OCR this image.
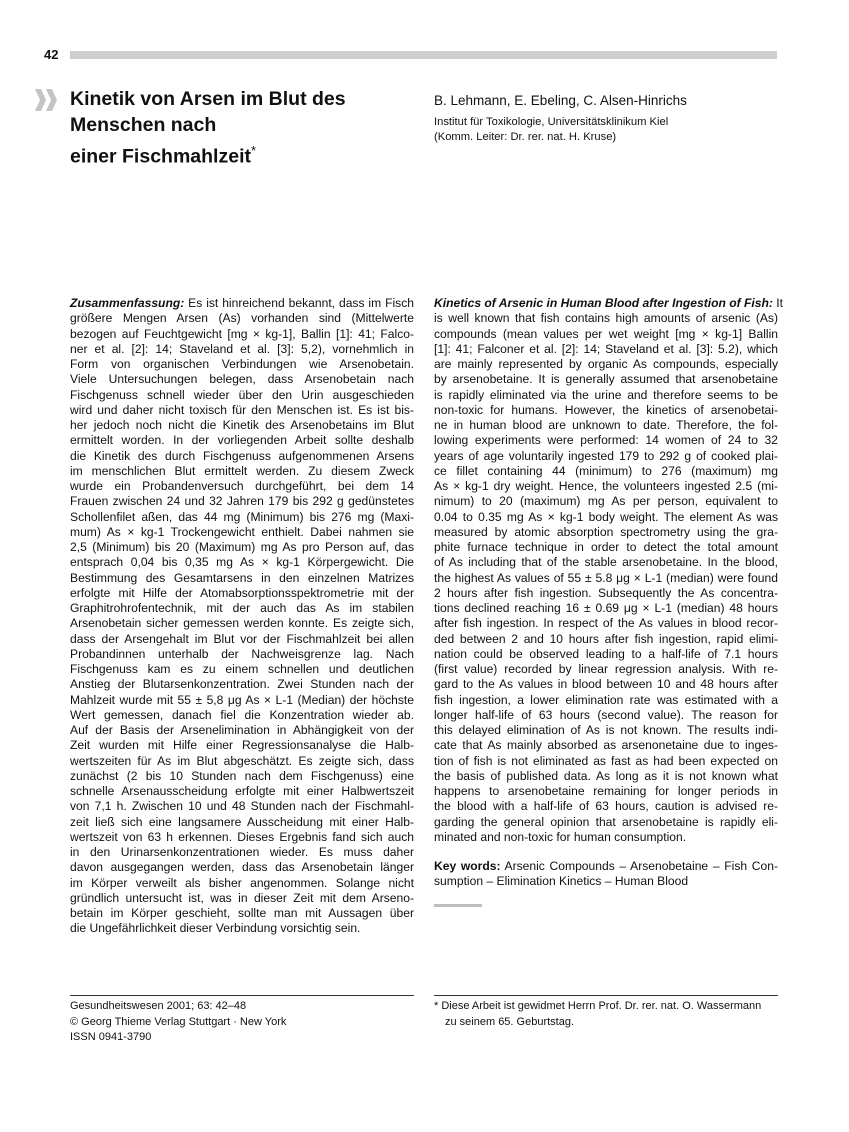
42
Kinetik von Arsen im Blut des
Menschen nach
einer Fischmahlzeit*
B. Lehmann, E. Ebeling, C. Alsen-Hinrichs
Institut für Toxikologie, Universitätsklinikum Kiel
(Komm. Leiter: Dr. rer. nat. H. Kruse)
Zusammenfassung: Es ist hinreichend bekannt, dass im Fisch
größere Mengen Arsen (As) vorhanden sind (Mittelwerte
bezogen auf Feuchtgewicht [mg × kg-1], Ballin [1]: 41; Falco-
ner et al. [2]: 14; Staveland et al. [3]: 5,2), vornehmlich in
Form von organischen Verbindungen wie Arsenobetain.
Viele Untersuchungen belegen, dass Arsenobetain nach
Fischgenuss schnell wieder über den Urin ausgeschieden
wird und daher nicht toxisch für den Menschen ist. Es ist bis-
her jedoch noch nicht die Kinetik des Arsenobetains im Blut
ermittelt worden. In der vorliegenden Arbeit sollte deshalb
die Kinetik des durch Fischgenuss aufgenommenen Arsens
im menschlichen Blut ermittelt werden. Zu diesem Zweck
wurde ein Probandenversuch durchgeführt, bei dem 14
Frauen zwischen 24 und 32 Jahren 179 bis 292 g gedünstetes
Schollenfilet aßen, das 44 mg (Minimum) bis 276 mg (Maxi-
mum) As × kg-1 Trockengewicht enthielt. Dabei nahmen sie
2,5 (Minimum) bis 20 (Maximum) mg As pro Person auf, das
entsprach 0,04 bis 0,35 mg As × kg-1 Körpergewicht. Die
Bestimmung des Gesamtarsens in den einzelnen Matrizes
erfolgte mit Hilfe der Atomabsorptionsspektrometrie mit der
Graphitrohrofentechnik, mit der auch das As im stabilen
Arsenobetain sicher gemessen werden konnte. Es zeigte sich,
dass der Arsengehalt im Blut vor der Fischmahlzeit bei allen
Probandinnen unterhalb der Nachweisgrenze lag. Nach
Fischgenuss kam es zu einem schnellen und deutlichen
Anstieg der Blutarsenkonzentration. Zwei Stunden nach der
Mahlzeit wurde mit 55 ± 5,8 μg As × L-1 (Median) der höchste
Wert gemessen, danach fiel die Konzentration wieder ab.
Auf der Basis der Arsenelimination in Abhängigkeit von der
Zeit wurden mit Hilfe einer Regressionsanalyse die Halb-
wertszeiten für As im Blut abgeschätzt. Es zeigte sich, dass
zunächst (2 bis 10 Stunden nach dem Fischgenuss) eine
schnelle Arsenausscheidung erfolgte mit einer Halbwertszeit
von 7,1 h. Zwischen 10 und 48 Stunden nach der Fischmahl-
zeit ließ sich eine langsamere Ausscheidung mit einer Halb-
wertszeit von 63 h erkennen. Dieses Ergebnis fand sich auch
in den Urinarsenkonzentrationen wieder. Es muss daher
davon ausgegangen werden, dass das Arsenobetain länger
im Körper verweilt als bisher angenommen. Solange nicht
gründlich untersucht ist, was in dieser Zeit mit dem Arseno-
betain im Körper geschieht, sollte man mit Aussagen über
die Ungefährlichkeit dieser Verbindung vorsichtig sein.
Kinetics of Arsenic in Human Blood after Ingestion of Fish: It
is well known that fish contains high amounts of arsenic (As)
compounds (mean values per wet weight [mg × kg-1] Ballin
[1]: 41; Falconer et al. [2]: 14; Staveland et al. [3]: 5.2), which
are mainly represented by organic As compounds, especially
by arsenobetaine. It is generally assumed that arsenobetaine
is rapidly eliminated via the urine and therefore seems to be
non-toxic for humans. However, the kinetics of arsenobetai-
ne in human blood are unknown to date. Therefore, the fol-
lowing experiments were performed: 14 women of 24 to 32
years of age voluntarily ingested 179 to 292 g of cooked plai-
ce fillet containing 44 (minimum) to 276 (maximum) mg
As × kg-1 dry weight. Hence, the volunteers ingested 2.5 (mi-
nimum) to 20 (maximum) mg As per person, equivalent to
0.04 to 0.35 mg As × kg-1 body weight. The element As was
measured by atomic absorption spectrometry using the gra-
phite furnace technique in order to detect the total amount
of As including that of the stable arsenobetaine. In the blood,
the highest As values of 55 ± 5.8 μg × L-1 (median) were found
2 hours after fish ingestion. Subsequently the As concentra-
tions declined reaching 16 ± 0.69 μg × L-1 (median) 48 hours
after fish ingestion. In respect of the As values in blood recor-
ded between 2 and 10 hours after fish ingestion, rapid elimi-
nation could be observed leading to a half-life of 7.1 hours
(first value) recorded by linear regression analysis. With re-
gard to the As values in blood between 10 and 48 hours after
fish ingestion, a lower elimination rate was estimated with a
longer half-life of 63 hours (second value). The reason for
this delayed elimination of As is not known. The results indi-
cate that As mainly absorbed as arsenonetaine due to inges-
tion of fish is not eliminated as fast as had been expected on
the basis of published data. As long as it is not known what
happens to arsenobetaine remaining for longer periods in
the blood with a half-life of 63 hours, caution is advised re-
garding the general opinion that arsenobetaine is rapidly eli-
minated and non-toxic for human consumption.
Key words: Arsenic Compounds – Arsenobetaine – Fish Con-
sumption – Elimination Kinetics – Human Blood
Gesundheitswesen 2001; 63: 42–48
© Georg Thieme Verlag Stuttgart · New York
ISSN 0941-3790
* Diese Arbeit ist gewidmet Herrn Prof. Dr. rer. nat. O. Wassermann
zu seinem 65. Geburtstag.
